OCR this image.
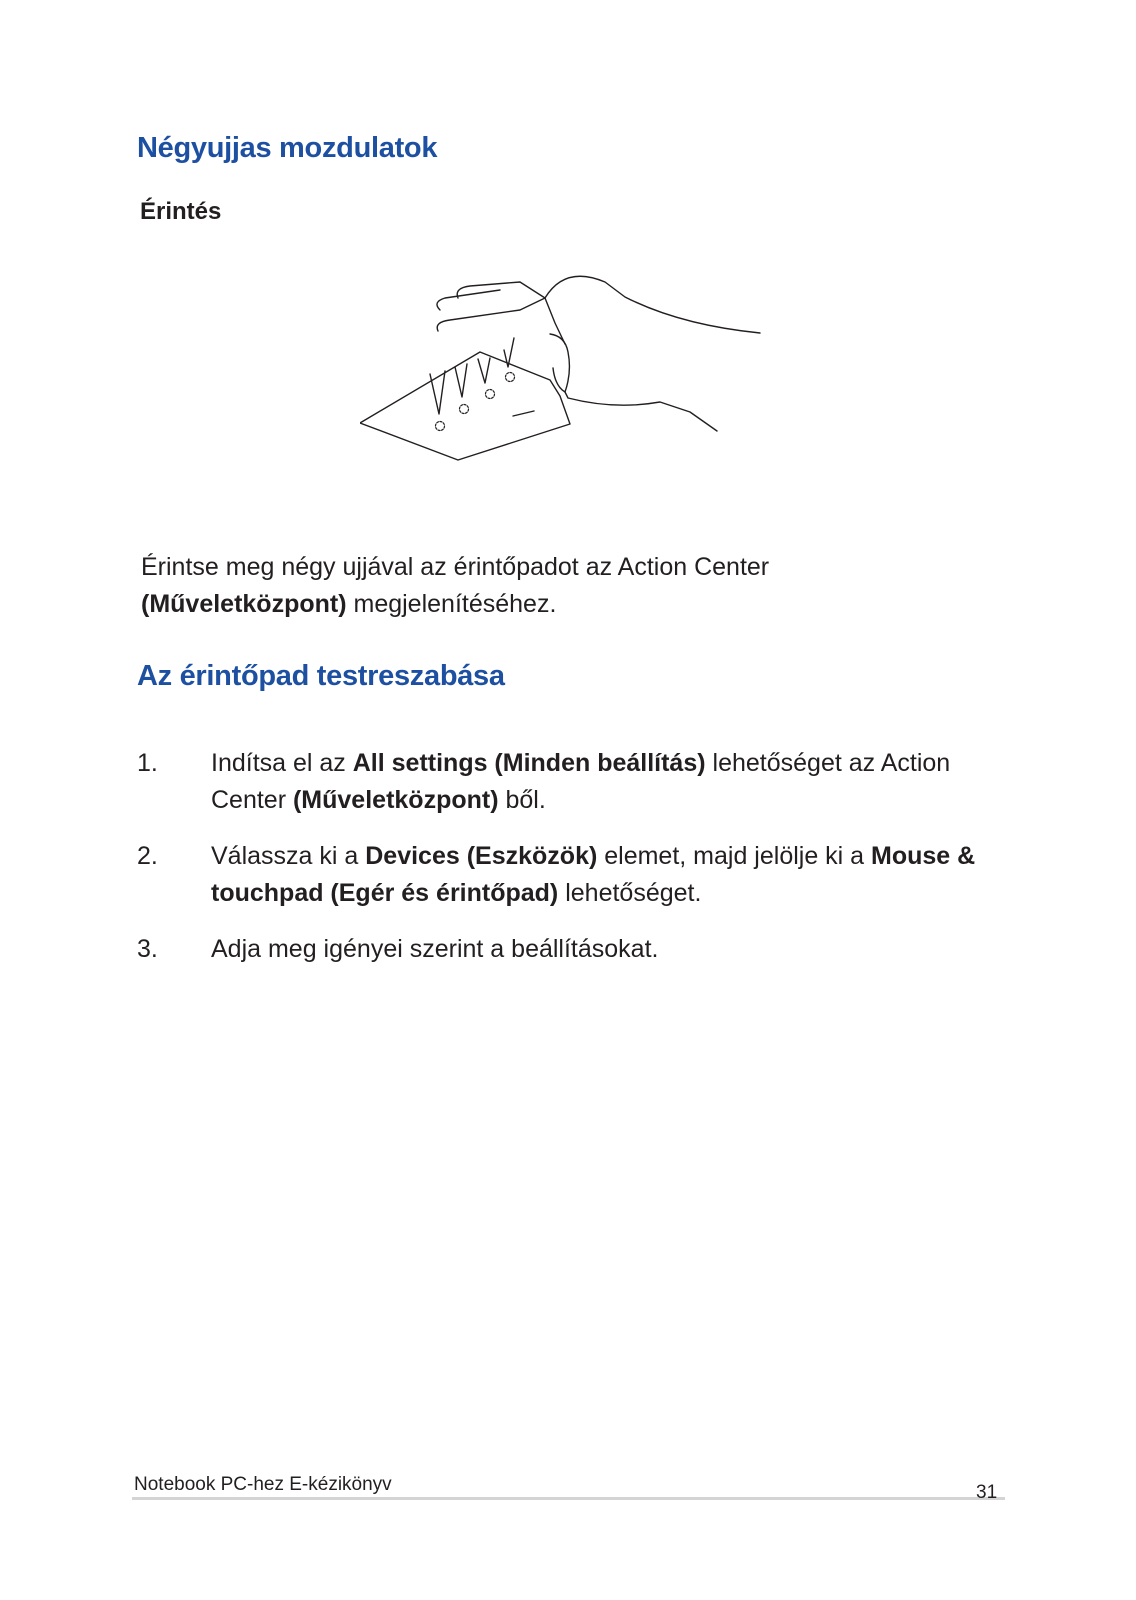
Négyujjas mozdulatok
Érintés

Érintse meg négy ujjával az érintőpadot az Action Center
(Műveletközpont) megjelenítéséhez.

Az érintőpad testreszabása
1.	Indítsa el az All settings (Minden beállítás) lehetőséget az Action Center (Műveletközpont) ből.
2.	Válassza ki a Devices (Eszközök) elemet, majd jelölje ki a Mouse & touchpad (Egér és érintőpad) lehetőséget.
3.	Adja meg igényei szerint a beállításokat.
Notebook PC-hez E-kézikönyv	31
